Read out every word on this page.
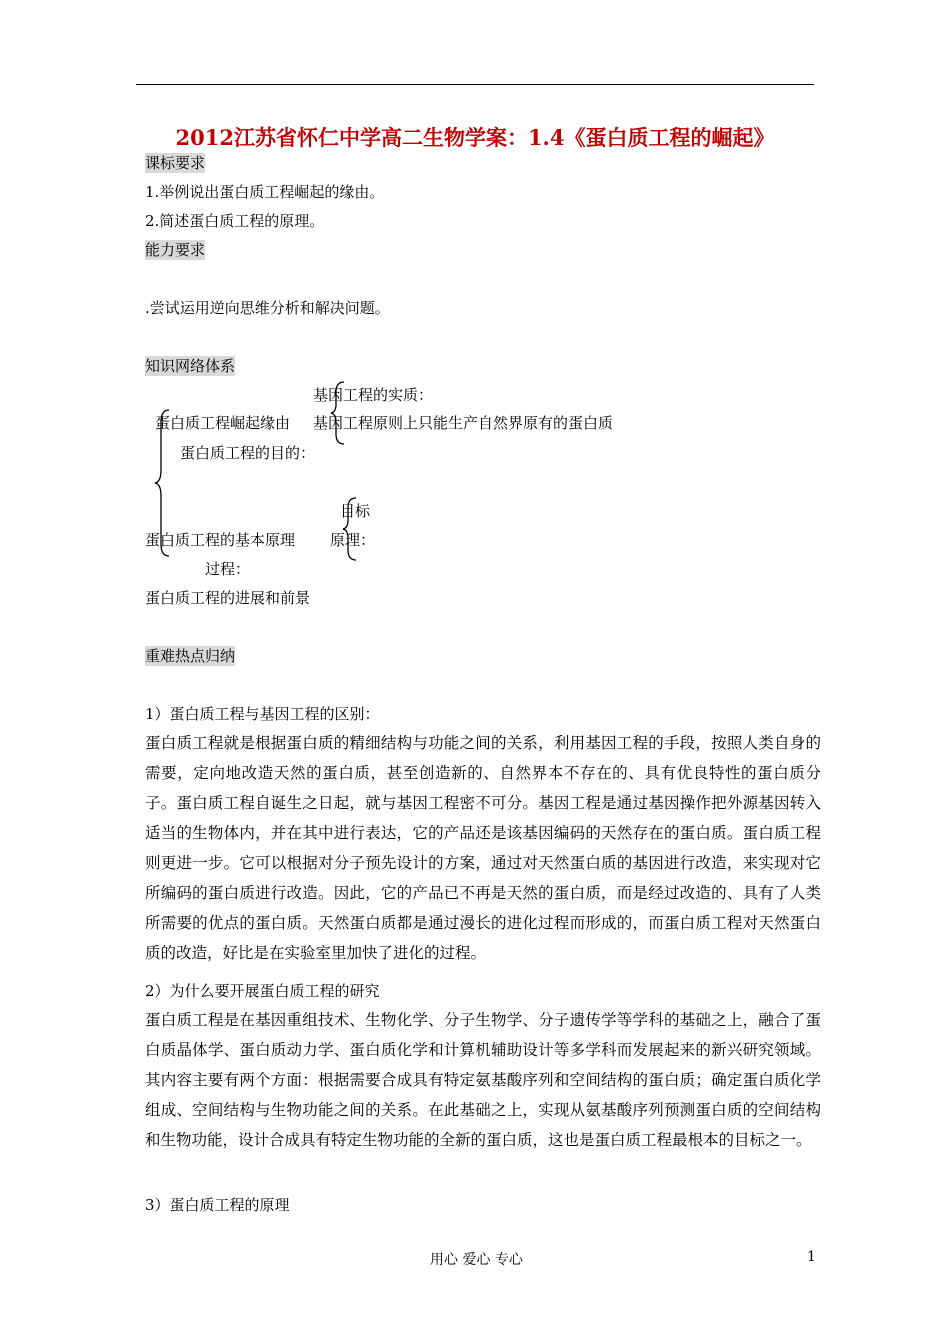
2012江苏省怀仁中学高二生物学案：1.4《蛋白质工程的崛起》
课标要求
1.举例说出蛋白质工程崛起的缘由。
2.简述蛋白质工程的原理。
能力要求
.尝试运用逆向思维分析和解决问题。
知识网络体系
基因工程的实质：
蛋白质工程崛起缘由 基因工程原则上只能生产自然界原有的蛋白质
蛋白质工程的目的：
目标
蛋白质工程的基本原理 原理：
过程：
蛋白质工程的进展和前景
重难热点归纳
1）蛋白质工程与基因工程的区别：
蛋白质工程就是根据蛋白质的精细结构与功能之间的关系，利用基因工程的手段，按照人类自身的需要，定向地改造天然的蛋白质，甚至创造新的、自然界本不存在的、具有优良特性的蛋白质分子。蛋白质工程自诞生之日起，就与基因工程密不可分。基因工程是通过基因操作把外源基因转入适当的生物体内，并在其中进行表达，它的产品还是该基因编码的天然存在的蛋白质。蛋白质工程则更进一步。它可以根据对分子预先设计的方案，通过对天然蛋白质的基因进行改造，来实现对它所编码的蛋白质进行改造。因此，它的产品已不再是天然的蛋白质，而是经过改造的、具有了人类所需要的优点的蛋白质。天然蛋白质都是通过漫长的进化过程而形成的，而蛋白质工程对天然蛋白质的改造，好比是在实验室里加快了进化的过程。
2）为什么要开展蛋白质工程的研究
蛋白质工程是在基因重组技术、生物化学、分子生物学、分子遗传学等学科的基础之上，融合了蛋白质晶体学、蛋白质动力学、蛋白质化学和计算机辅助设计等多学科而发展起来的新兴研究领域。其内容主要有两个方面：根据需要合成具有特定氨基酸序列和空间结构的蛋白质；确定蛋白质化学组成、空间结构与生物功能之间的关系。在此基础之上，实现从氨基酸序列预测蛋白质的空间结构和生物功能，设计合成具有特定生物功能的全新的蛋白质，这也是蛋白质工程最根本的目标之一。
3）蛋白质工程的原理
用心 爱心 专心	1
